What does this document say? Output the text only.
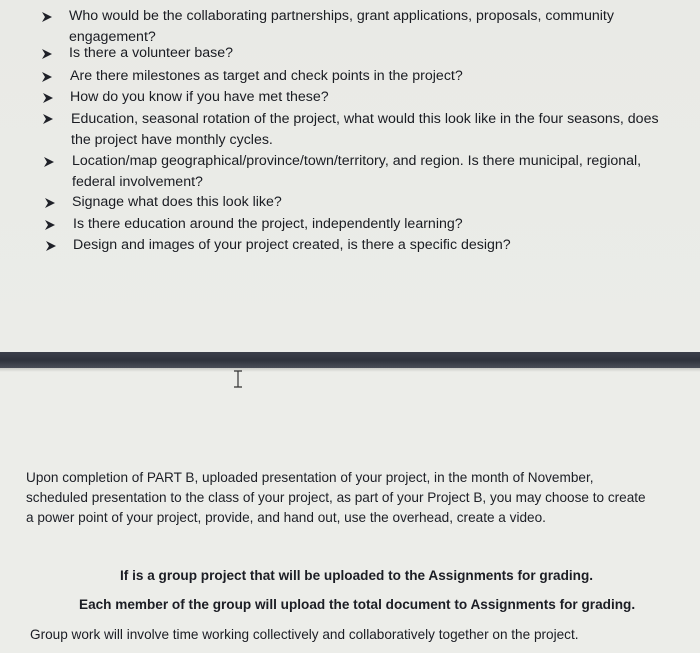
Who would be the collaborating partnerships, grant applications, proposals, community
engagement?
Is there a volunteer base?
Are there milestones as target and check points in the project?
How do you know if you have met these?
Education, seasonal rotation of the project, what would this look like in the four seasons, does
the project have monthly cycles.
Location/map geographical/province/town/territory, and region. Is there municipal, regional,
federal involvement?
Signage what does this look like?
Is there education around the project, independently learning?
Design and images of your project created, is there a specific design?
Upon completion of PART B, uploaded presentation of your project, in the month of November,
scheduled presentation to the class of your project, as part of your Project B, you may choose to create
a power point of your project, provide, and hand out, use the overhead, create a video.
If is a group project that will be uploaded to the Assignments for grading.
Each member of the group will upload the total document to Assignments for grading.
Group work will involve time working collectively and collaboratively together on the project.
